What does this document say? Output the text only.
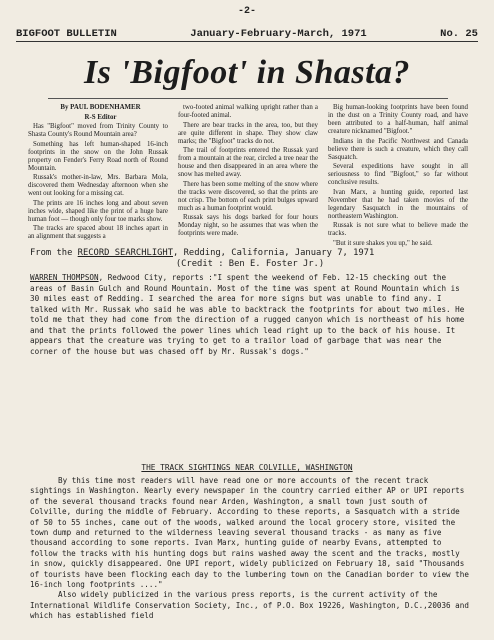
-2-
BIGFOOT BULLETIN	January-February-March, 1971	No. 25
Is 'Bigfoot' in Shasta?

By PAUL BODENHAMER

R-S Editor

Has "Bigfoot" moved from Trinity County to Shasta County's Round Mountain area?

Something has left human-shaped 16-inch footprints in the snow on the John Russak property on Fender's Ferry Road north of Round Mountain.

Russak's mother-in-law, Mrs. Barbara Mola, discovered them Wednesday afternoon when she went out looking for a missing cat.

The prints are 16 inches long and about seven inches wide, shaped like the print of a huge bare human foot — though only four toe marks show.

The tracks are spaced about 18 inches apart in an alignment that suggests a

two-footed animal walking upright rather than a four-footed animal.

There are bear tracks in the area, too, but they are quite different in shape. They show claw marks; the "Bigfoot" tracks do not.

The trail of footprints entered the Russak yard from a mountain at the rear, circled a tree near the house and then disappeared in an area where the snow has melted away.

There has been some melting of the snow where the tracks were discovered, so that the prints are not crisp. The bottom of each print bulges upward much as a human footprint would.

Russak says his dogs barked for four hours Monday night, so he assumes that was when the footprints were made.

Big human-looking footprints have been found in the dust on a Trinity County road, and have been attributed to a half-human, half animal creature nicknamed "Bigfoot."

Indians in the Pacific Northwest and Canada believe there is such a creature, which they call Sasquatch.

Several expeditions have sought in all seriousness to find "Bigfoot," so far without conclusive results.

Ivan Marx, a hunting guide, reported last November that he had taken movies of the legendary Sasquatch in the mountains of northeastern Washington.

Russak is not sure what to believe made the tracks.

"But it sure shakes you up," he said.

From the RECORD SEARCHLIGHT, Redding, California, January 7, 1971

(Credit : Ben E. Foster Jr.)

WARREN THOMPSON, Redwood City, reports :"I spent the weekend of Feb. 12-15 checking out the areas of Basin Gulch and Round Mountain. Most of the time was spent at Round Mountain which is 30 miles east of Redding. I searched the area for more signs but was unable to find any. I talked with Mr. Russak who said he was able to backtrack the footprints for about two miles. He told me that they had come from the direction of a rugged canyon which is northeast of his home and that the prints followed the power lines which lead right up to the back of his house. It appears that the creature was trying to get to a trailor load of garbage that was near the corner of the house but was chased off by Mr. Russak's dogs."

THE TRACK SIGHTINGS NEAR COLVILLE, WASHINGTON

By this time most readers will have read one or more accounts of the recent track sightings in Washington. Nearly every newspaper in the country carried either AP or UPI reports of the several thousand tracks found near Arden, Washington, a small town just south of Colville, during the middle of February. According to these reports, a Sasquatch with a stride of 50 to 55 inches, came out of the woods, walked around the local grocery store, visited the town dump and returned to the wilderness leaving several thousand tracks - as many as five thousand according to some reports. Ivan Marx, hunting guide of nearby Evans, attempted to follow the tracks with his hunting dogs but rains washed away the scent and the tracks, mostly in snow, quickly disappeared. One UPI report, widely publicized on February 18, said "Thousands of tourists have been flocking each day to the lumbering town on the Canadian border to view the 16-inch long footprints ...."

Also widely publicized in the various press reports, is the current activity of the International Wildlife Conservation Society, Inc., of P.O. Box 19226, Washington, D.C.,20036 and which has established field
